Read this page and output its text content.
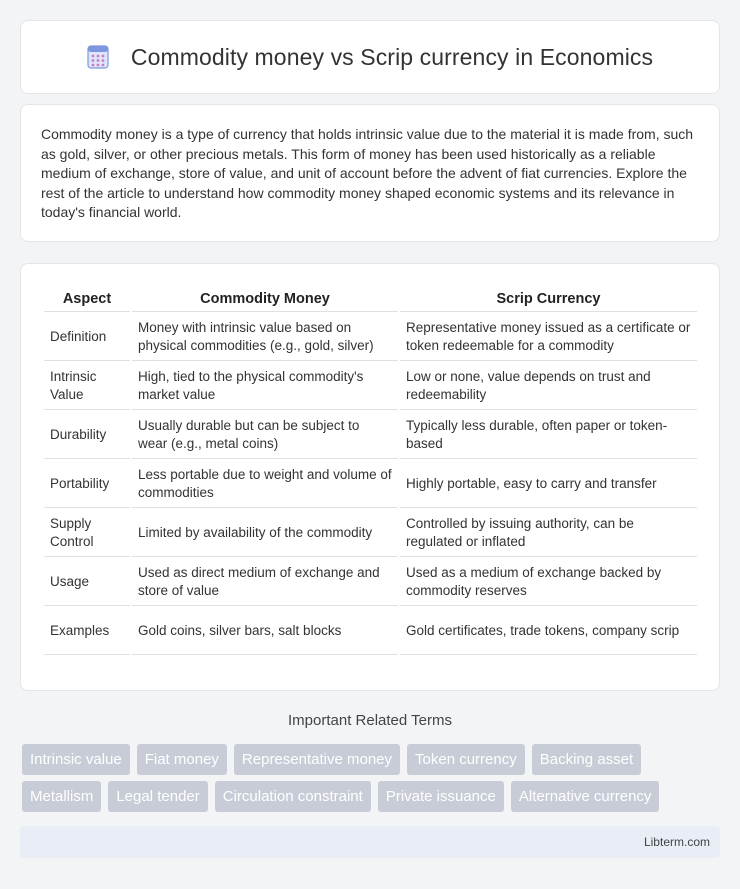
Commodity money vs Scrip currency in Economics

Commodity money is a type of currency that holds intrinsic value due to the material it is made from, such as gold, silver, or other precious metals. This form of money has been used historically as a reliable medium of exchange, store of value, and unit of account before the advent of fiat currencies. Explore the rest of the article to understand how commodity money shaped economic systems and its relevance in today's financial world.

Aspect	Commodity Money	Scrip Currency
Definition	Money with intrinsic value based on physical commodities (e.g., gold, silver)	Representative money issued as a certificate or token redeemable for a commodity
Intrinsic Value	High, tied to the physical commodity's market value	Low or none, value depends on trust and redeemability
Durability	Usually durable but can be subject to wear (e.g., metal coins)	Typically less durable, often paper or token-based
Portability	Less portable due to weight and volume of commodities	Highly portable, easy to carry and transfer
Supply Control	Limited by availability of the commodity	Controlled by issuing authority, can be regulated or inflated
Usage	Used as direct medium of exchange and store of value	Used as a medium of exchange backed by commodity reserves
Examples	Gold coins, silver bars, salt blocks	Gold certificates, trade tokens, company scrip
Important Related Terms
Intrinsic value	Fiat money	Representative money	Token currency	Backing asset
Metallism	Legal tender	Circulation constraint	Private issuance	Alternative currency
Libterm.com
